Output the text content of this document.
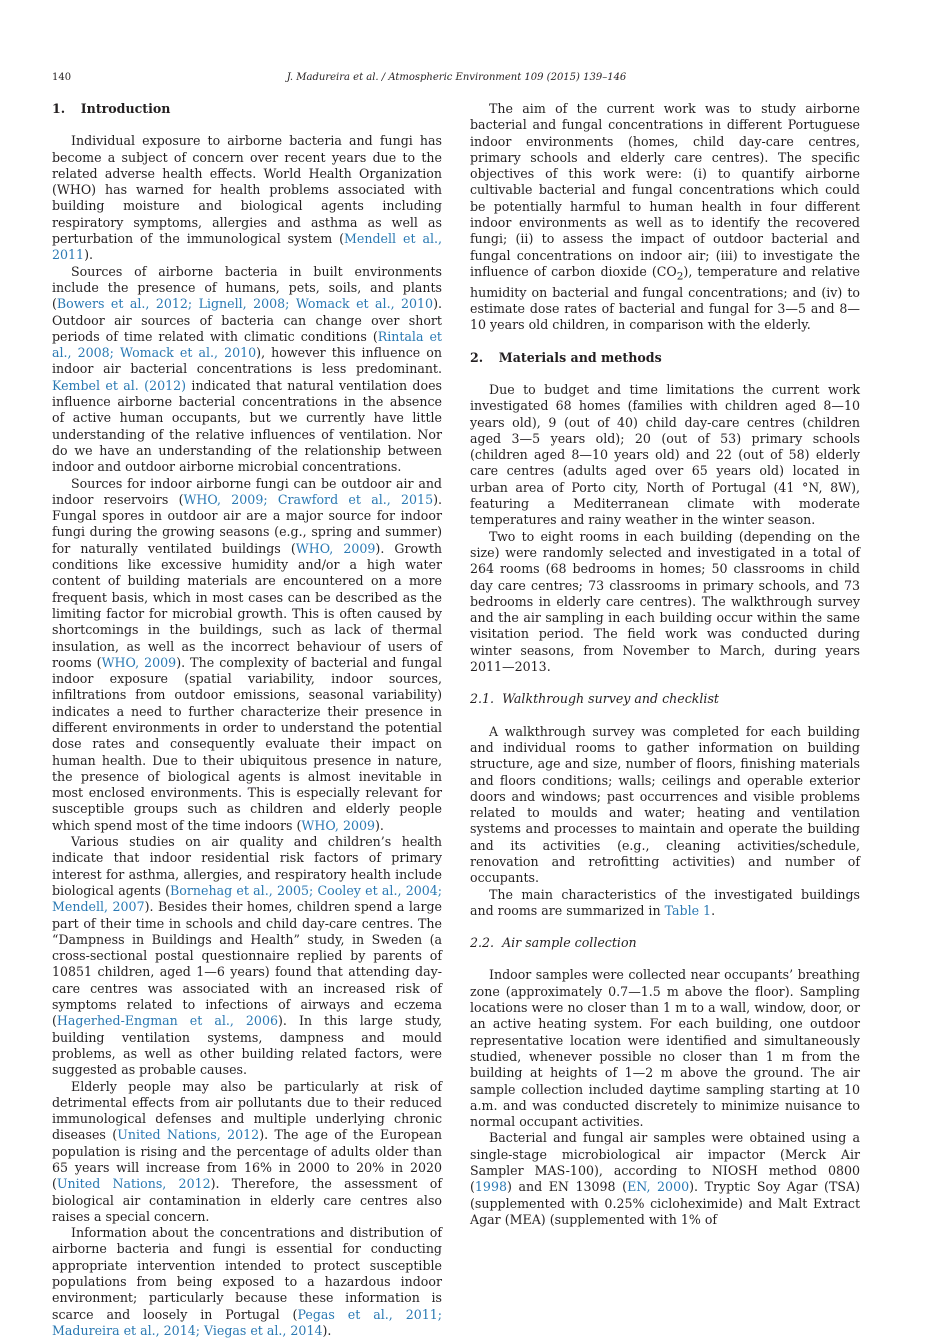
140	J. Madureira et al. / Atmospheric Environment 109 (2015) 139–146
1. Introduction

Individual exposure to airborne bacteria and fungi has become a subject of concern over recent years due to the related adverse health effects. World Health Organization (WHO) has warned for health problems associated with building moisture and biological agents including respiratory symptoms, allergies and asthma as well as perturbation of the immunological system (Mendell et al., 2011).

Sources of airborne bacteria in built environments include the presence of humans, pets, soils, and plants (Bowers et al., 2012; Lignell, 2008; Womack et al., 2010). Outdoor air sources of bacteria can change over short periods of time related with climatic conditions (Rintala et al., 2008; Womack et al., 2010), however this influence on indoor air bacterial concentrations is less predominant. Kembel et al. (2012) indicated that natural ventilation does influence airborne bacterial concentrations in the absence of active human occupants, but we currently have little understanding of the relative influences of ventilation. Nor do we have an understanding of the relationship between indoor and outdoor airborne microbial concentrations.

Sources for indoor airborne fungi can be outdoor air and indoor reservoirs (WHO, 2009; Crawford et al., 2015). Fungal spores in outdoor air are a major source for indoor fungi during the growing seasons (e.g., spring and summer) for naturally ventilated buildings (WHO, 2009). Growth conditions like excessive humidity and/or a high water content of building materials are encountered on a more frequent basis, which in most cases can be described as the limiting factor for microbial growth. This is often caused by shortcomings in the buildings, such as lack of thermal insulation, as well as the incorrect behaviour of users of rooms (WHO, 2009). The complexity of bacterial and fungal indoor exposure (spatial variability, indoor sources, infiltrations from outdoor emissions, seasonal variability) indicates a need to further characterize their presence in different environments in order to understand the potential dose rates and consequently evaluate their impact on human health. Due to their ubiquitous presence in nature, the presence of biological agents is almost inevitable in most enclosed environments. This is especially relevant for susceptible groups such as children and elderly people which spend most of the time indoors (WHO, 2009).

Various studies on air quality and children’s health indicate that indoor residential risk factors of primary interest for asthma, allergies, and respiratory health include biological agents (Bornehag et al., 2005; Cooley et al., 2004; Mendell, 2007). Besides their homes, children spend a large part of their time in schools and child day-care centres. The “Dampness in Buildings and Health” study, in Sweden (a cross-sectional postal questionnaire replied by parents of 10851 children, aged 1—6 years) found that attending day-care centres was associated with an increased risk of symptoms related to infections of airways and eczema (Hagerhed-Engman et al., 2006). In this large study, building ventilation systems, dampness and mould problems, as well as other building related factors, were suggested as probable causes.

Elderly people may also be particularly at risk of detrimental effects from air pollutants due to their reduced immunological defenses and multiple underlying chronic diseases (United Nations, 2012). The age of the European population is rising and the percentage of adults older than 65 years will increase from 16% in 2000 to 20% in 2020 (United Nations, 2012). Therefore, the assessment of biological air contamination in elderly care centres also raises a special concern.

Information about the concentrations and distribution of airborne bacteria and fungi is essential for conducting appropriate intervention intended to protect susceptible populations from being exposed to a hazardous indoor environment; particularly because these information is scarce and loosely in Portugal (Pegas et al., 2011; Madureira et al., 2014; Viegas et al., 2014).

The aim of the current work was to study airborne bacterial and fungal concentrations in different Portuguese indoor environments (homes, child day-care centres, primary schools and elderly care centres). The specific objectives of this work were: (i) to quantify airborne cultivable bacterial and fungal concentrations which could be potentially harmful to human health in four different indoor environments as well as to identify the recovered fungi; (ii) to assess the impact of outdoor bacterial and fungal concentrations on indoor air; (iii) to investigate the influence of carbon dioxide $(CO_2)$, temperature and relative humidity on bacterial and fungal concentrations; and (iv) to estimate dose rates of bacterial and fungal for 3—5 and 8—10 years old children, in comparison with the elderly.

2. Materials and methods

Due to budget and time limitations the current work investigated 68 homes (families with children aged 8—10 years old), 9 (out of 40) child day-care centres (children aged 3—5 years old); 20 (out of 53) primary schools (children aged 8—10 years old) and 22 (out of 58) elderly care centres (adults aged over 65 years old) located in urban area of Porto city, North of Portugal (41 °N, 8W), featuring a Mediterranean climate with moderate temperatures and rainy weather in the winter season.

Two to eight rooms in each building (depending on the size) were randomly selected and investigated in a total of 264 rooms (68 bedrooms in homes; 50 classrooms in child day care centres; 73 classrooms in primary schools, and 73 bedrooms in elderly care centres). The walkthrough survey and the air sampling in each building occur within the same visitation period. The field work was conducted during winter seasons, from November to March, during years 2011—2013.

2.1. Walkthrough survey and checklist

A walkthrough survey was completed for each building and individual rooms to gather information on building structure, age and size, number of floors, finishing materials and floors conditions; walls; ceilings and operable exterior doors and windows; past occurrences and visible problems related to moulds and water; heating and ventilation systems and processes to maintain and operate the building and its activities (e.g., cleaning activities/schedule, renovation and retrofitting activities) and number of occupants.

The main characteristics of the investigated buildings and rooms are summarized in Table 1.

2.2. Air sample collection

Indoor samples were collected near occupants’ breathing zone (approximately 0.7—1.5 m above the floor). Sampling locations were no closer than 1 m to a wall, window, door, or an active heating system. For each building, one outdoor representative location were identified and simultaneously studied, whenever possible no closer than 1 m from the building at heights of 1—2 m above the ground. The air sample collection included daytime sampling starting at 10 a.m. and was conducted discretely to minimize nuisance to normal occupant activities.

Bacterial and fungal air samples were obtained using a single-stage microbiological air impactor (Merck Air Sampler MAS-100), according to NIOSH method 0800 (1998) and EN 13098 (EN, 2000). Tryptic Soy Agar (TSA) (supplemented with 0.25% cicloheximide) and Malt Extract Agar (MEA) (supplemented with 1% of
